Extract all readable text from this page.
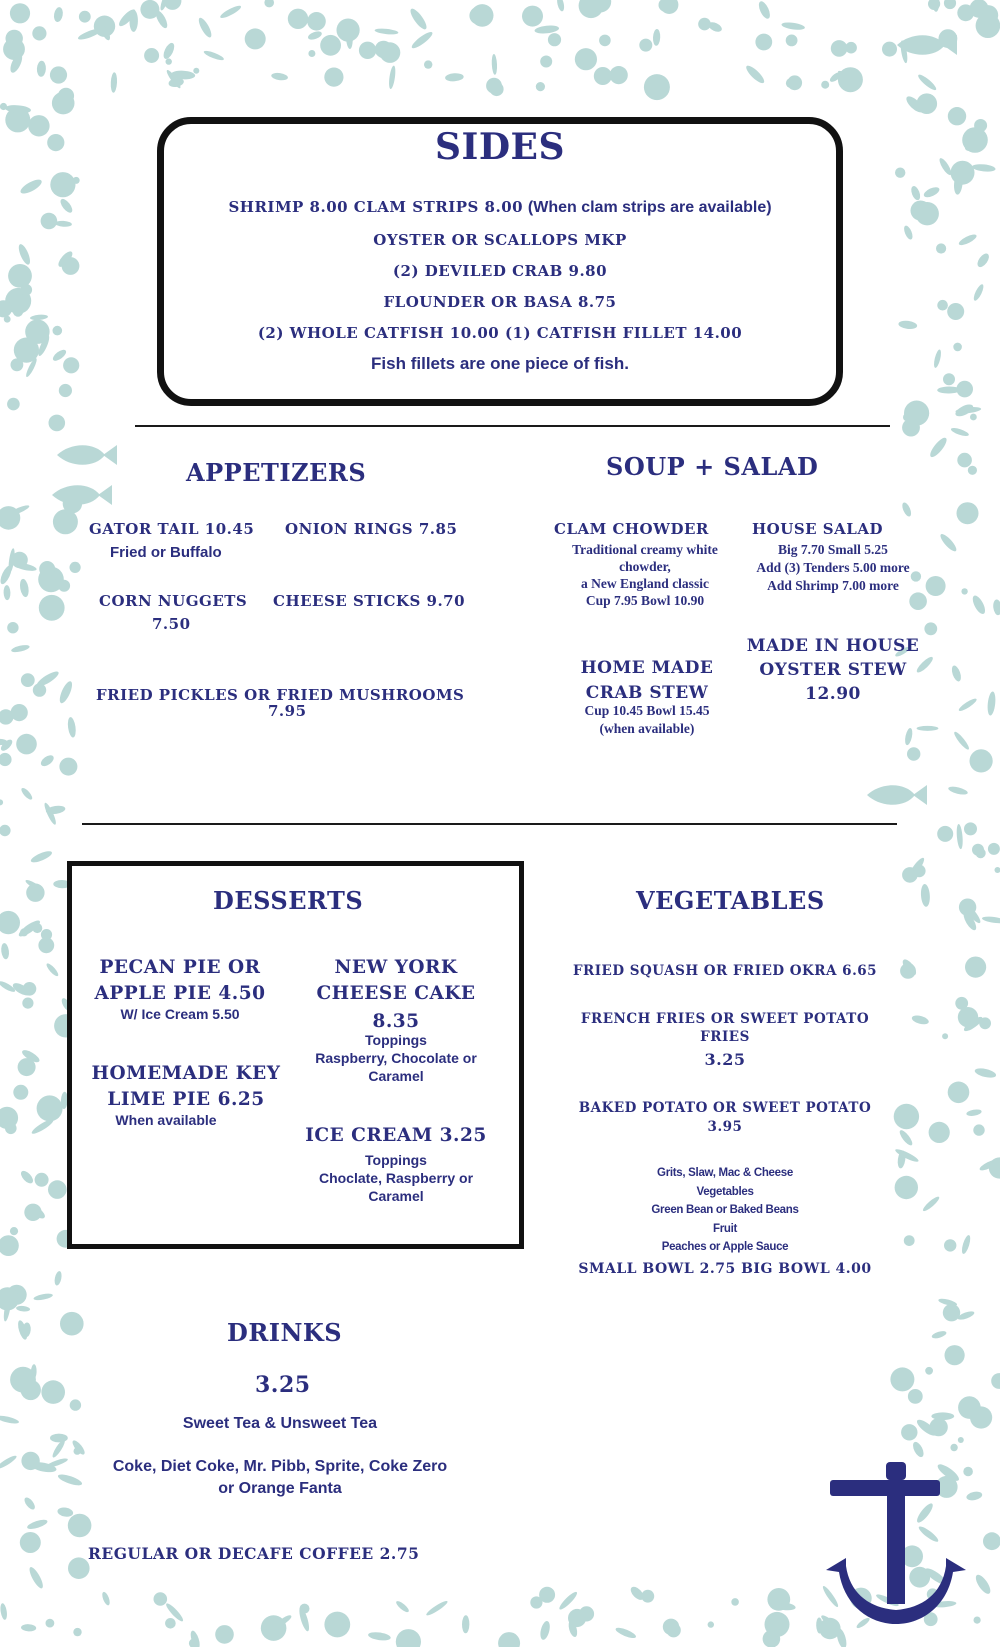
SIDES
SHRIMP 8.00 CLAM STRIPS 8.00 (When clam strips are available)
OYSTER OR SCALLOPS MKP
(2) DEVILED CRAB 9.80
FLOUNDER OR BASA 8.75
(2) WHOLE CATFISH 10.00 (1) CATFISH FILLET 14.00
Fish fillets are one piece of fish.
APPETIZERS
GATOR TAIL 10.45
Fried or Buffalo
ONION RINGS 7.85
CORN NUGGETS
7.50
CHEESE STICKS 9.70
FRIED PICKLES OR FRIED MUSHROOMS
7.95
SOUP + SALAD
CLAM CHOWDER
Traditional creamy white
chowder,
a New England classic
Cup 7.95 Bowl 10.90
HOUSE SALAD
Big 7.70 Small 5.25
Add (3) Tenders 5.00 more
Add Shrimp 7.00 more
HOME MADE
CRAB STEW
Cup 10.45 Bowl 15.45
(when available)
MADE IN HOUSE
OYSTER STEW
12.90
DESSERTS
PECAN PIE OR
APPLE PIE 4.50
W/ Ice Cream 5.50
HOMEMADE KEY
LIME PIE 6.25
When available
NEW YORK
CHEESE CAKE
8.35
Toppings
Raspberry, Chocolate or
Caramel
ICE CREAM 3.25
Toppings
Choclate, Raspberry or
Caramel
VEGETABLES
FRIED SQUASH OR FRIED OKRA 6.65
FRENCH FRIES OR SWEET POTATO
FRIES
3.25
BAKED POTATO OR SWEET POTATO
3.95
Grits, Slaw, Mac & Cheese
Vegetables
Green Bean or Baked Beans
Fruit
Peaches or Apple Sauce
SMALL BOWL 2.75 BIG BOWL 4.00
DRINKS
3.25
Sweet Tea & Unsweet Tea
Coke, Diet Coke, Mr. Pibb, Sprite, Coke Zero
or Orange Fanta
REGULAR OR DECAFE COFFEE 2.75
